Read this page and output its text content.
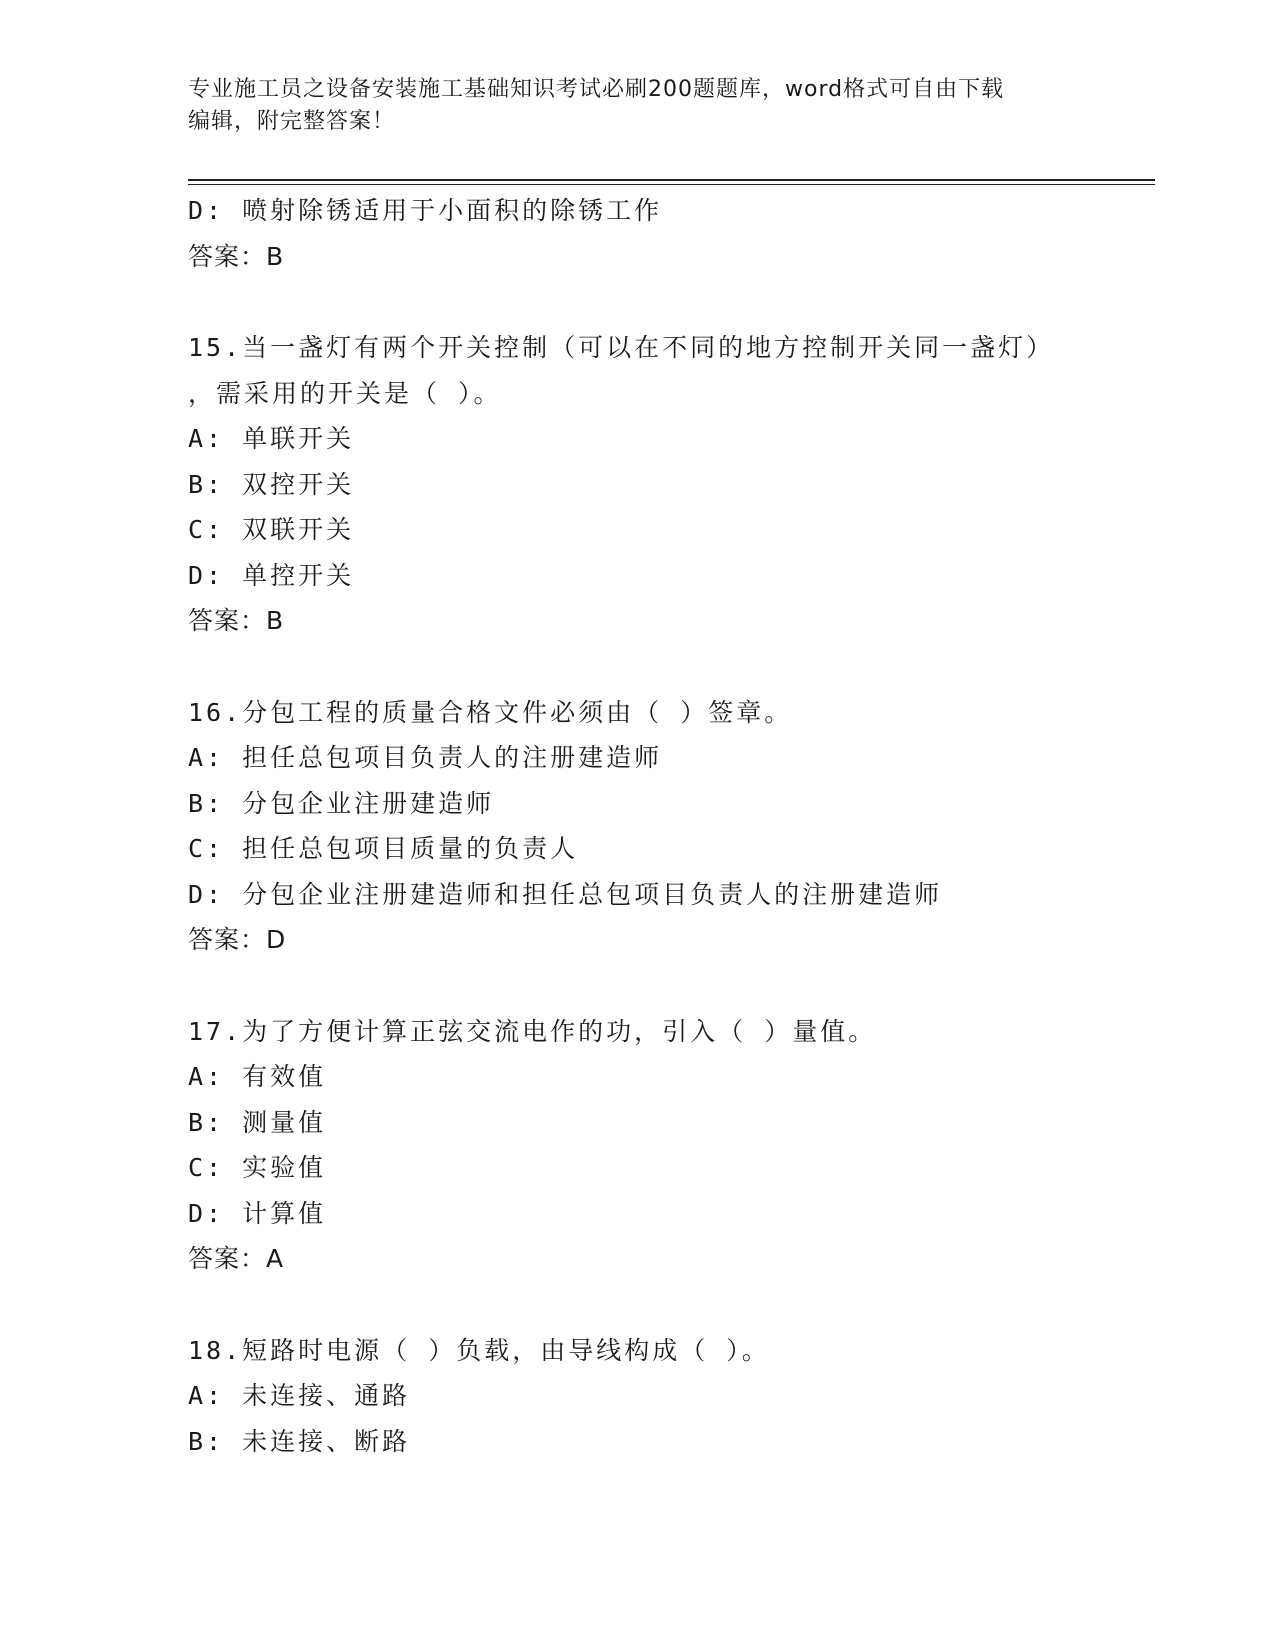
专业施工员之设备安装施工基础知识考试必刷200题题库，word格式可自由下载
编辑，附完整答案！
D: 喷射除锈适用于小面积的除锈工作
答案：B
15.当一盏灯有两个开关控制（可以在不同的地方控制开关同一盏灯）
，需采用的开关是（ ）。
A: 单联开关
B: 双控开关
C: 双联开关
D: 单控开关
答案：B
16.分包工程的质量合格文件必须由（ ）签章。
A: 担任总包项目负责人的注册建造师
B: 分包企业注册建造师
C: 担任总包项目质量的负责人
D: 分包企业注册建造师和担任总包项目负责人的注册建造师
答案：D
17.为了方便计算正弦交流电作的功，引入（ ）量值。
A: 有效值
B: 测量值
C: 实验值
D: 计算值
答案：A
18.短路时电源（ ）负载，由导线构成（ ）。
A: 未连接、通路
B: 未连接、断路
